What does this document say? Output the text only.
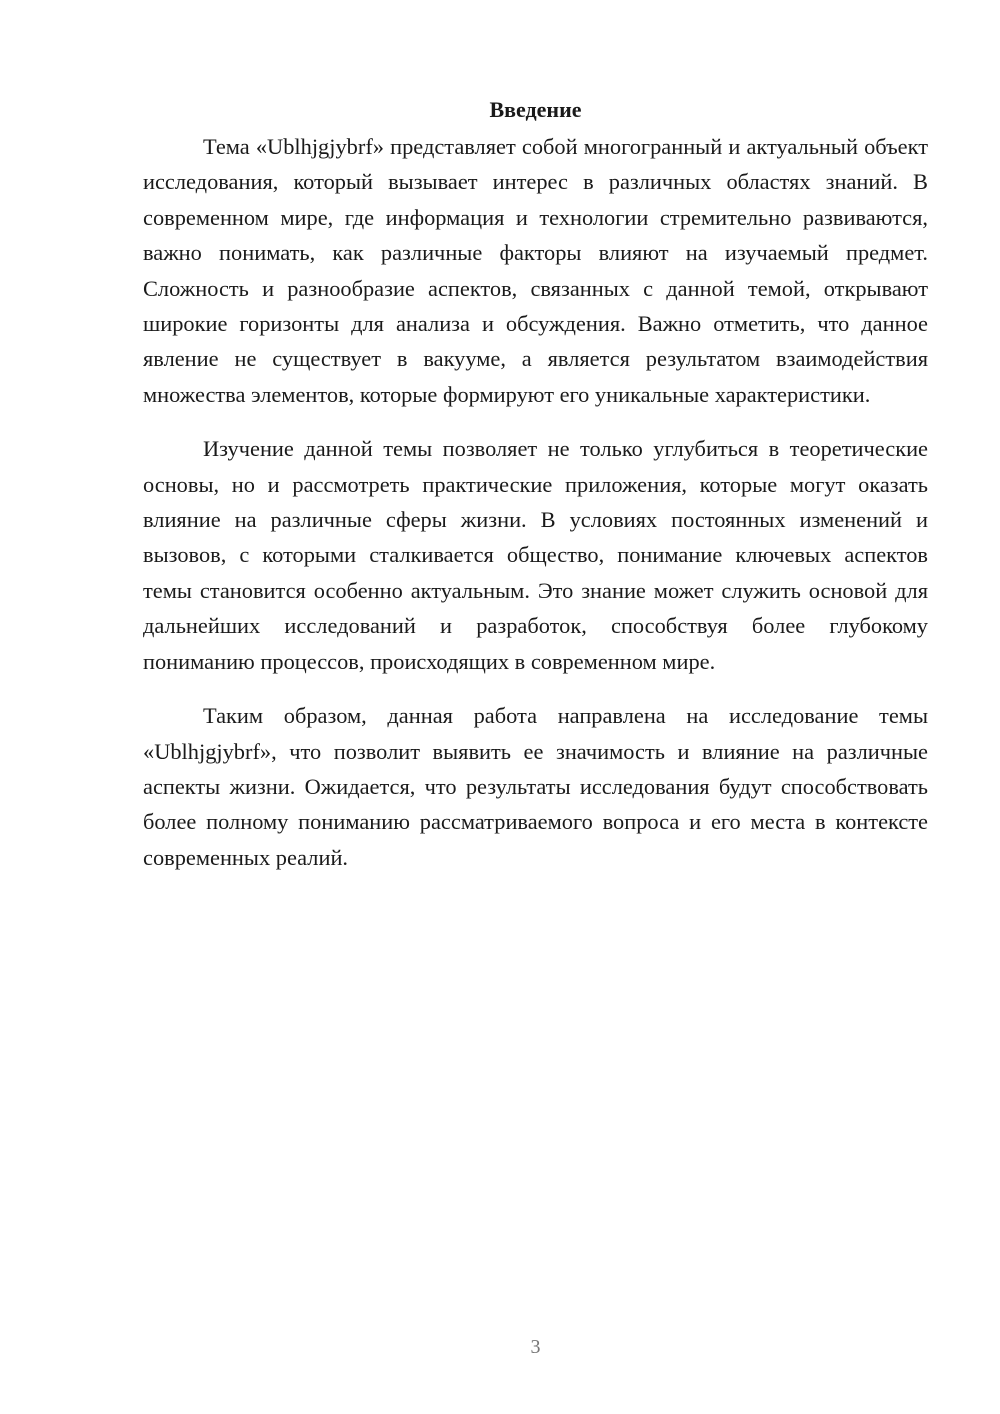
Введение

Тема «Ublhjgjybrf» представляет собой многогранный и актуальный объект исследования, который вызывает интерес в различных областях знаний. В современном мире, где информация и технологии стремительно развиваются, важно понимать, как различные факторы влияют на изучаемый предмет. Сложность и разнообразие аспектов, связанных с данной темой, открывают широкие горизонты для анализа и обсуждения. Важно отметить, что данное явление не существует в вакууме, а является результатом взаимодействия множества элементов, которые формируют его уникальные характеристики.

Изучение данной темы позволяет не только углубиться в теоретические основы, но и рассмотреть практические приложения, которые могут оказать влияние на различные сферы жизни. В условиях постоянных изменений и вызовов, с которыми сталкивается общество, понимание ключевых аспектов темы становится особенно актуальным. Это знание может служить основой для дальнейших исследований и разработок, способствуя более глубокому пониманию процессов, происходящих в современном мире.

Таким образом, данная работа направлена на исследование темы «Ublhjgjybrf», что позволит выявить ее значимость и влияние на различные аспекты жизни. Ожидается, что результаты исследования будут способствовать более полному пониманию рассматриваемого вопроса и его места в контексте современных реалий.

3
